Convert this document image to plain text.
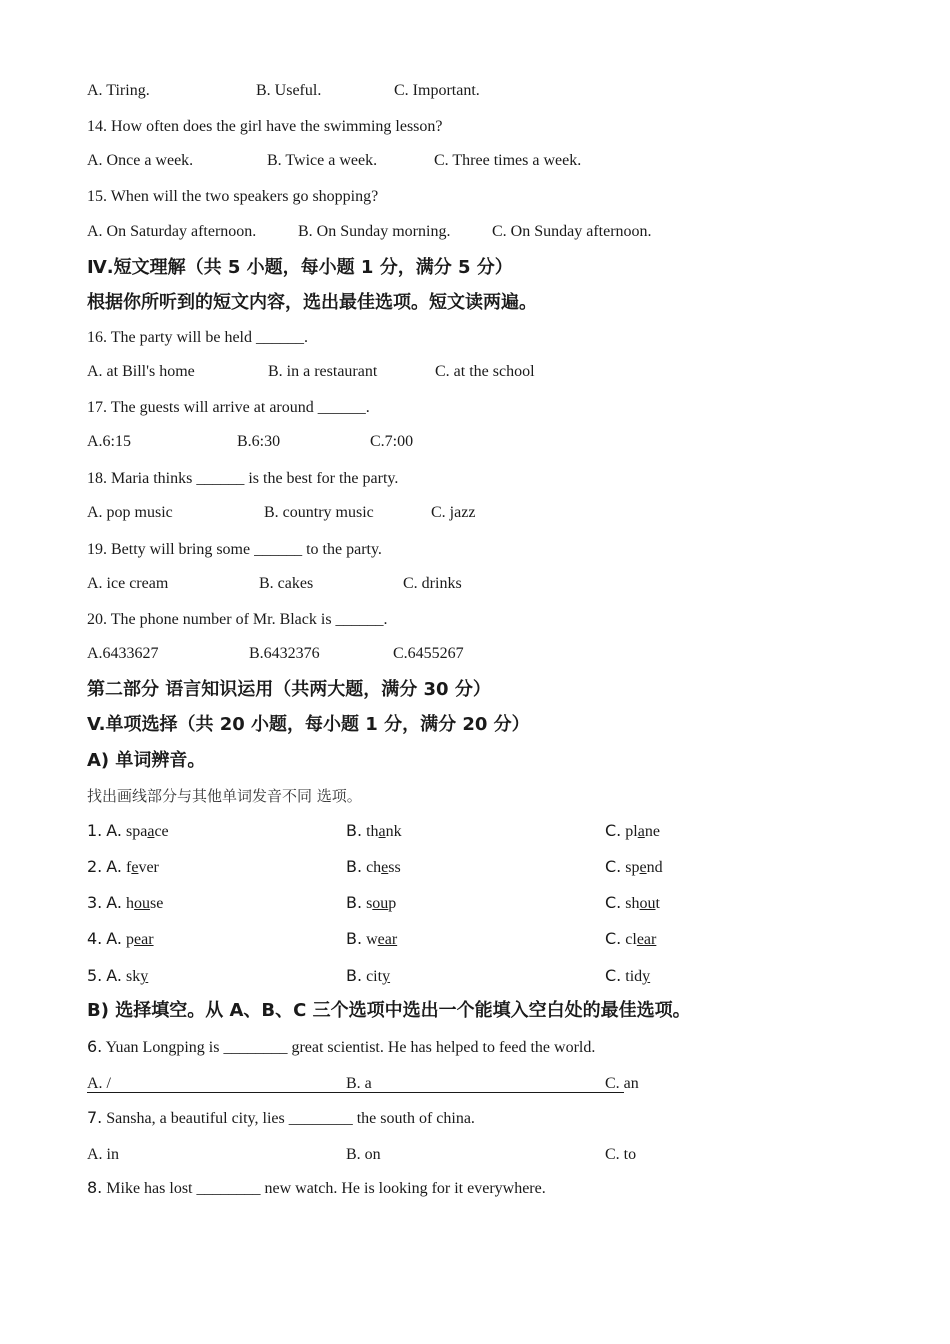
A. Tiring.	B. Useful.	C. Important.
14. How often does the girl have the swimming lesson?
A. Once a week.	B. Twice a week.	C. Three times a week.
15. When will the two speakers go shopping?
A. On Saturday afternoon.	B. On Sunday morning.	C. On Sunday afternoon.
Ⅳ.短文理解（共 5 小题，每小题 1 分，满分 5 分）
根据你所听到的短文内容，选出最佳选项。短文读两遍。
16. The party will be held ______.
A. at Bill's home	B. in a restaurant	C. at the school
17. The guests will arrive at around ______.
A.6:15	B.6:30	C.7:00
18. Maria thinks ______ is the best for the party.
A. pop music	B. country music	C. jazz
19. Betty will bring some ______ to the party.
A. ice cream	B. cakes	C. drinks
20. The phone number of Mr. Black is ______.
A.6433627	B.6432376	C.6455267
第二部分 语言知识运用（共两大题，满分 30 分）
V.单项选择（共 20 小题，每小题 1 分，满分 20 分）
A) 单词辨音。
找出画线部分与其他单词发音不同 选项。
1. A. spaace	B. thank	C. plane
2. A. fever	B. chess	C. spend
3. A. house	B. soup	C. shout
4. A. pear	B. wear	C. clear
5. A. sky	B. city	C. tidy
B) 选择填空。从 A、B、C 三个选项中选出一个能填入空白处的最佳选项。
6. Yuan Longping is ________ great scientist. He has helped to feed the world.
A. /	B. a	C. an
7. Sansha, a beautiful city, lies ________ the south of china.
A. in	B. on	C. to
8. Mike has lost ________ new watch. He is looking for it everywhere.
